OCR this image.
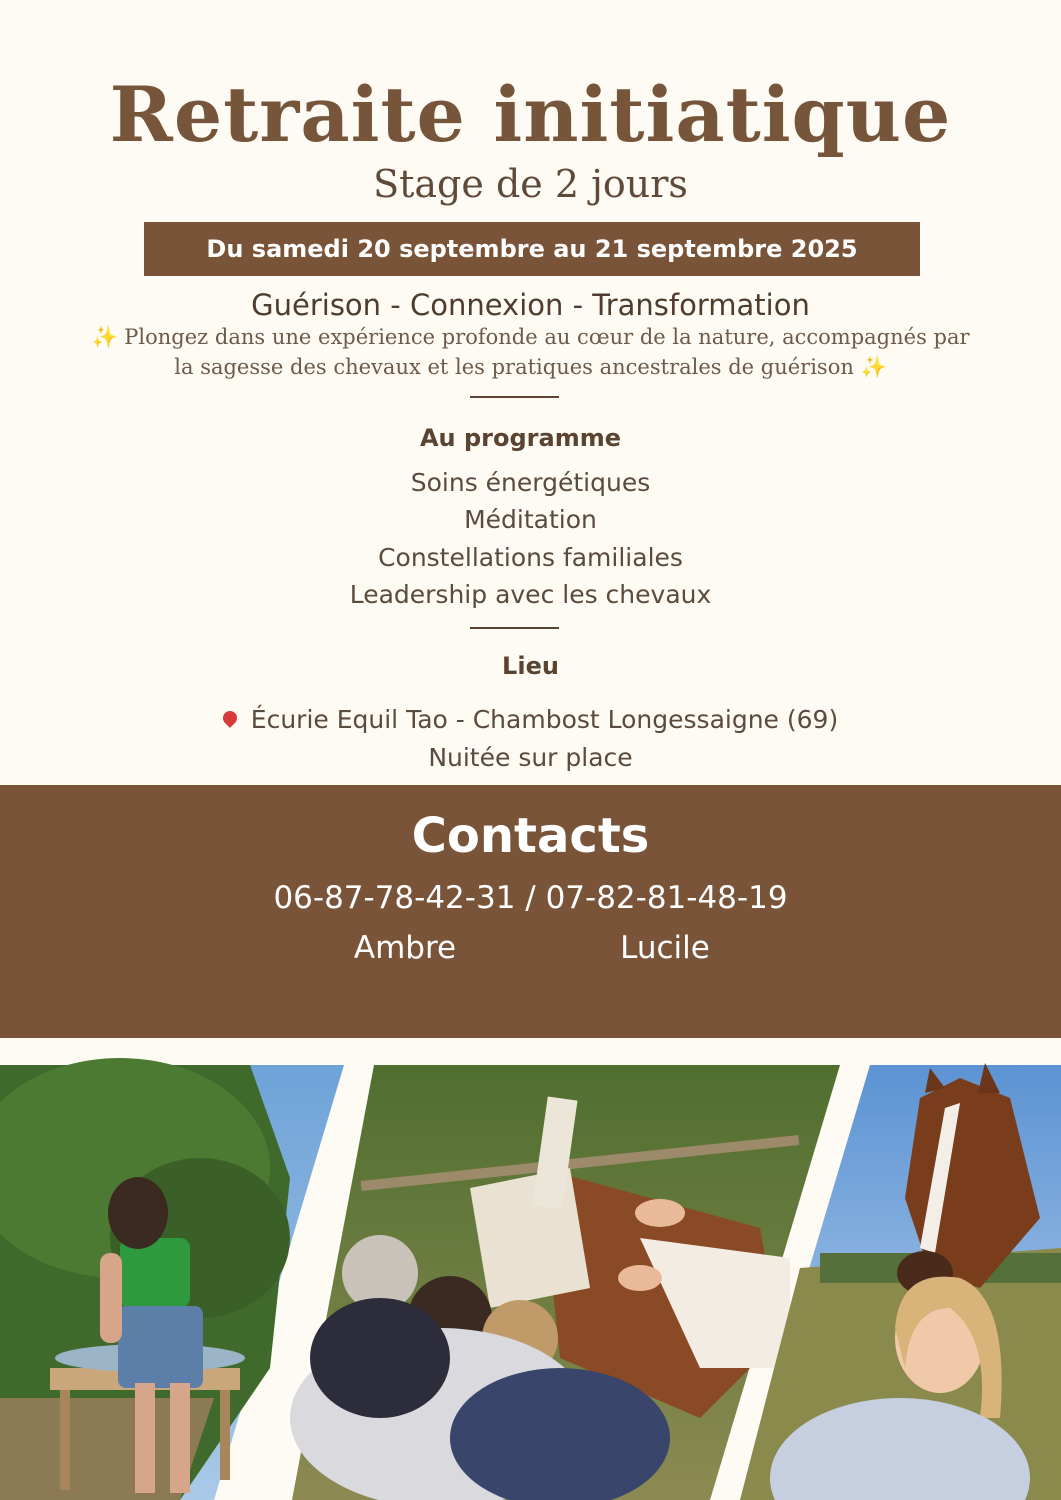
Retraite initiatique
Stage de 2 jours
Du samedi 20 septembre au 21 septembre 2025
Guérison - Connexion - Transformation
✨ Plongez dans une expérience profonde au cœur de la nature, accompagnés par
la sagesse des chevaux et les pratiques ancestrales de guérison ✨
Au programme
Soins énergétiques
Méditation
Constellations familiales
Leadership avec les chevaux
Lieu
Écurie Equil Tao - Chambost Longessaigne (69)
Nuitée sur place
Contacts
06-87-78-42-31 / 07-82-81-48-19
Ambre	Lucile
